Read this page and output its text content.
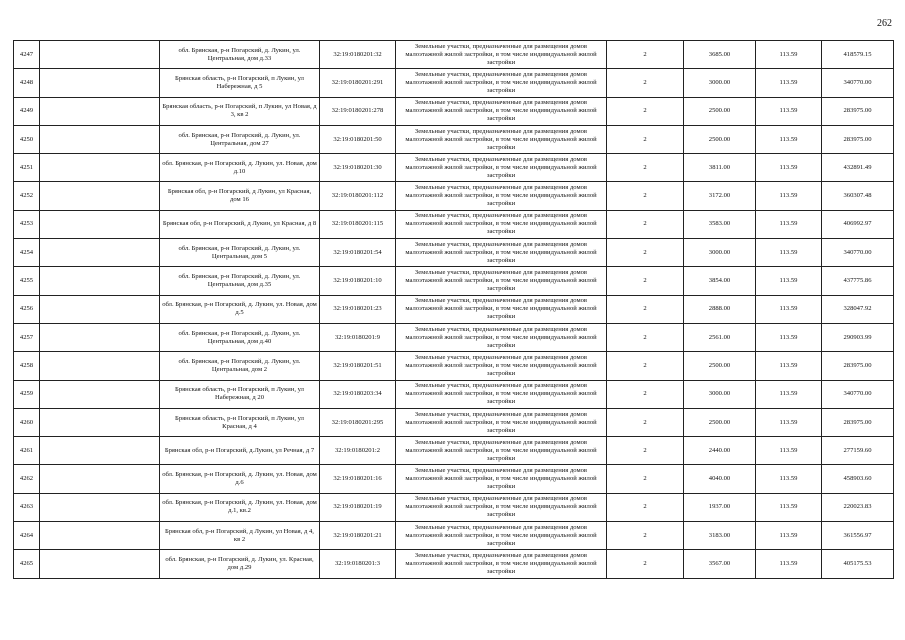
262
4247		обл. Брянская, р-н Погарский, д. Лукин, ул. Центральная, дом д.33	32:19:0180201:32	Земельные участки, предназначенные для размещения домов малоэтажной жилой застройки, в том числе индивидуальной жилой застройки	2	3685.00	113.59	418579.15
4248		Брянская область, р-н Погарский, п Лукин, ул Набережная, д 5	32:19:0180201:291	Земельные участки, предназначенные для размещения домов малоэтажной жилой застройки, в том числе индивидуальной жилой застройки	2	3000.00	113.59	340770.00
4249		Брянская область, р-н Погарский, п Лукин, ул Новая, д 3, кв 2	32:19:0180201:278	Земельные участки, предназначенные для размещения домов малоэтажной жилой застройки, в том числе индивидуальной жилой застройки	2	2500.00	113.59	283975.00
4250		обл. Брянская, р-н Погарский, д. Лукин, ул. Центральная, дом 27	32:19:0180201:50	Земельные участки, предназначенные для размещения домов малоэтажной жилой застройки, в том числе индивидуальной жилой застройки	2	2500.00	113.59	283975.00
4251		обл. Брянская, р-н Погарский, д. Лукин, ул. Новая, дом д.10	32:19:0180201:30	Земельные участки, предназначенные для размещения домов малоэтажной жилой застройки, в том числе индивидуальной жилой застройки	2	3811.00	113.59	432891.49
4252		Брянская обл, р-н Погарский, д Лукин, ул Красная, дом 16	32:19:0180201:112	Земельные участки, предназначенные для размещения домов малоэтажной жилой застройки, в том числе индивидуальной жилой застройки	2	3172.00	113.59	360307.48
4253		Брянская обл, р-н Погарский, д Лукин, ул Красная, д 8	32:19:0180201:115	Земельные участки, предназначенные для размещения домов малоэтажной жилой застройки, в том числе индивидуальной жилой застройки	2	3583.00	113.59	406992.97
4254		обл. Брянская, р-н Погарский, д. Лукин, ул. Центральная, дом 5	32:19:0180201:54	Земельные участки, предназначенные для размещения домов малоэтажной жилой застройки, в том числе индивидуальной жилой застройки	2	3000.00	113.59	340770.00
4255		обл. Брянская, р-н Погарский, д. Лукин, ул. Центральная, дом д.35	32:19:0180201:10	Земельные участки, предназначенные для размещения домов малоэтажной жилой застройки, в том числе индивидуальной жилой застройки	2	3854.00	113.59	437775.86
4256		обл. Брянская, р-н Погарский, д. Лукин, ул. Новая, дом д.5	32:19:0180201:23	Земельные участки, предназначенные для размещения домов малоэтажной жилой застройки, в том числе индивидуальной жилой застройки	2	2888.00	113.59	328047.92
4257		обл. Брянская, р-н Погарский, д. Лукин, ул. Центральная, дом д.40	32:19:0180201:9	Земельные участки, предназначенные для размещения домов малоэтажной жилой застройки, в том числе индивидуальной жилой застройки	2	2561.00	113.59	290903.99
4258		обл. Брянская, р-н Погарский, д. Лукин, ул. Центральная, дом 2	32:19:0180201:51	Земельные участки, предназначенные для размещения домов малоэтажной жилой застройки, в том числе индивидуальной жилой застройки	2	2500.00	113.59	283975.00
4259		Брянская область, р-н Погарский, п Лукин, ул Набережная, д 20	32:19:0180203:34	Земельные участки, предназначенные для размещения домов малоэтажной жилой застройки, в том числе индивидуальной жилой застройки	2	3000.00	113.59	340770.00
4260		Брянская область, р-н Погарский, п Лукин, ул Красная, д 4	32:19:0180201:295	Земельные участки, предназначенные для размещения домов малоэтажной жилой застройки, в том числе индивидуальной жилой застройки	2	2500.00	113.59	283975.00
4261		Брянская обл, р-н Погарский, д.Лукин, ул Речная, д 7	32:19:0180201:2	Земельные участки, предназначенные для размещения домов малоэтажной жилой застройки, в том числе индивидуальной жилой застройки	2	2440.00	113.59	277159.60
4262		обл. Брянская, р-н Погарский, д. Лукин, ул. Новая, дом д.6	32:19:0180201:16	Земельные участки, предназначенные для размещения домов малоэтажной жилой застройки, в том числе индивидуальной жилой застройки	2	4040.00	113.59	458903.60
4263		обл. Брянская, р-н Погарский, д. Лукин, ул. Новая, дом д.1, кв.2	32:19:0180201:19	Земельные участки, предназначенные для размещения домов малоэтажной жилой застройки, в том числе индивидуальной жилой застройки	2	1937.00	113.59	220023.83
4264		Брянская обл, р-н Погарский, д Лукин, ул Новая, д 4, кв 2	32:19:0180201:21	Земельные участки, предназначенные для размещения домов малоэтажной жилой застройки, в том числе индивидуальной жилой застройки	2	3183.00	113.59	361556.97
4265		обл. Брянская, р-н Погарский, д. Лукин, ул. Красная, дом д.29	32:19:0180201:3	Земельные участки, предназначенные для размещения домов малоэтажной жилой застройки, в том числе индивидуальной жилой застройки	2	3567.00	113.59	405175.53
